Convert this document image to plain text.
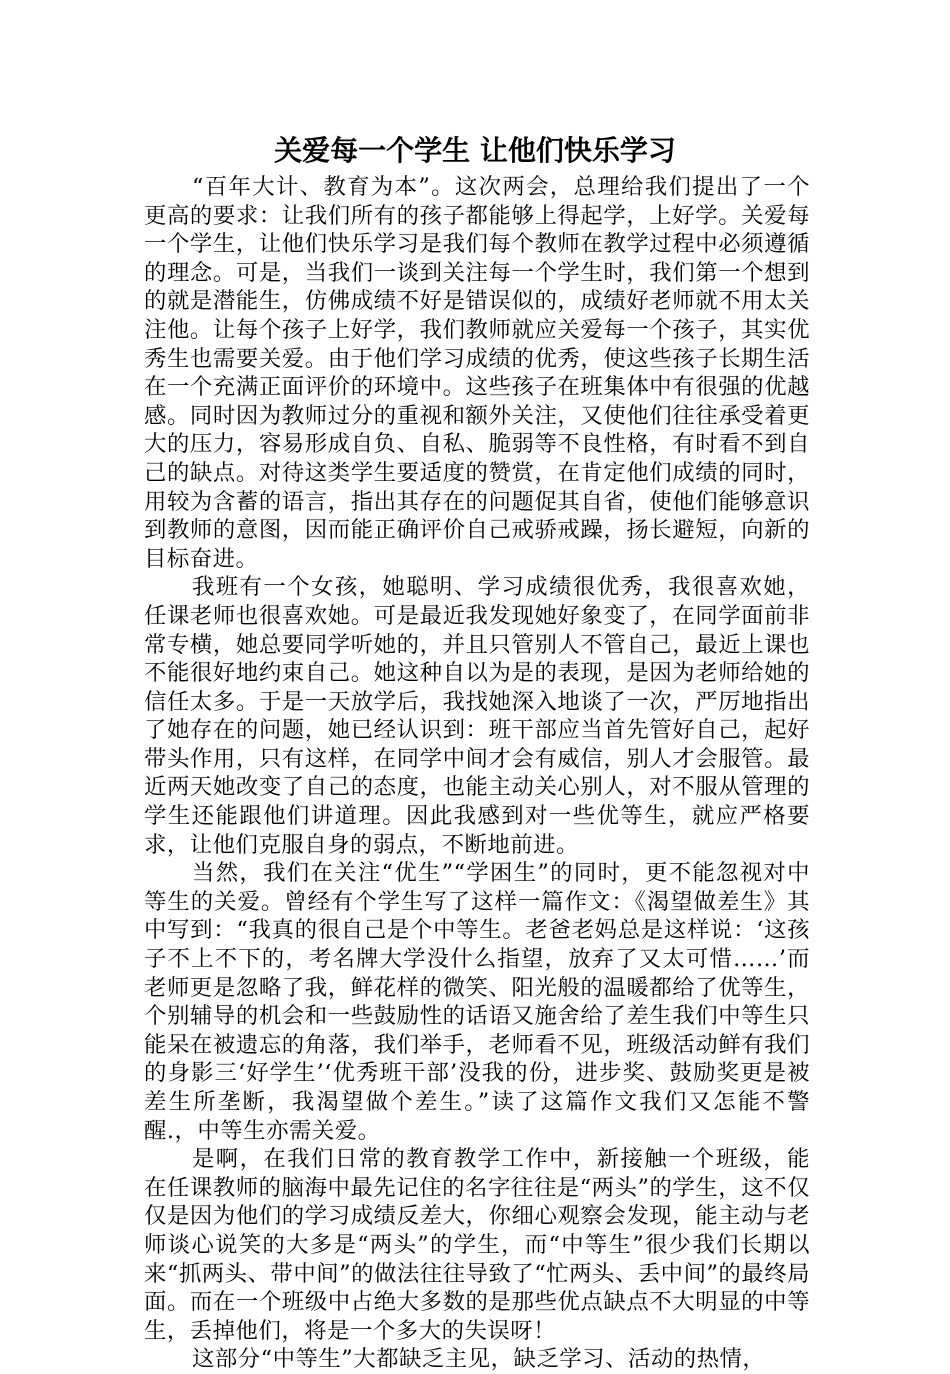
关爱每一个学生 让他们快乐学习

“百年大计、教育为本”。这次两会，总理给我们提出了一个更高的要求：让我们所有的孩子都能够上得起学，上好学。关爱每一个学生，让他们快乐学习是我们每个教师在教学过程中必须遵循的理念。可是，当我们一谈到关注每一个学生时，我们第一个想到的就是潜能生，仿佛成绩不好是错误似的，成绩好老师就不用太关注他。让每个孩子上好学，我们教师就应关爱每一个孩子，其实优秀生也需要关爱。由于他们学习成绩的优秀，使这些孩子长期生活在一个充满正面评价的环境中。这些孩子在班集体中有很强的优越感。同时因为教师过分的重视和额外关注，又使他们往往承受着更大的压力，容易形成自负、自私、脆弱等不良性格，有时看不到自己的缺点。对待这类学生要适度的赞赏，在肯定他们成绩的同时，用较为含蓄的语言，指出其存在的问题促其自省，使他们能够意识到教师的意图，因而能正确评价自己戒骄戒躁，扬长避短，向新的目标奋进。

我班有一个女孩，她聪明、学习成绩很优秀，我很喜欢她，任课老师也很喜欢她。可是最近我发现她好象变了，在同学面前非常专横，她总要同学听她的，并且只管别人不管自己，最近上课也不能很好地约束自己。她这种自以为是的表现，是因为老师给她的信任太多。于是一天放学后，我找她深入地谈了一次，严厉地指出了她存在的问题，她已经认识到：班干部应当首先管好自己，起好带头作用，只有这样，在同学中间才会有威信，别人才会服管。最近两天她改变了自己的态度，也能主动关心别人，对不服从管理的学生还能跟他们讲道理。因此我感到对一些优等生，就应严格要求，让他们克服自身的弱点，不断地前进。

当然，我们在关注“优生”“学困生”的同时，更不能忽视对中等生的关爱。曾经有个学生写了这样一篇作文：《渴望做差生》其中写到：“我真的很自己是个中等生。老爸老妈总是这样说：‘这孩子不上不下的，考名牌大学没什么指望，放弃了又太可惜……’而老师更是忽略了我，鲜花样的微笑、阳光般的温暖都给了优等生，个别辅导的机会和一些鼓励性的话语又施舍给了差生我们中等生只能呆在被遗忘的角落，我们举手，老师看不见，班级活动鲜有我们的身影三‘好学生’‘优秀班干部’没我的份，进步奖、鼓励奖更是被差生所垄断，我渴望做个差生。”读了这篇作文我们又怎能不警醒.，中等生亦需关爱。

是啊，在我们日常的教育教学工作中，新接触一个班级，能在任课教师的脑海中最先记住的名字往往是“两头”的学生，这不仅仅是因为他们的学习成绩反差大，你细心观察会发现，能主动与老师谈心说笑的大多是“两头”的学生，而“中等生”很少我们长期以来“抓两头、带中间”的做法往往导致了“忙两头、丢中间”的最终局面。而在一个班级中占绝大多数的是那些优点缺点不大明显的中等生，丢掉他们，将是一个多大的失误呀！

这部分“中等生”大都缺乏主见，缺乏学习、活动的热情，
